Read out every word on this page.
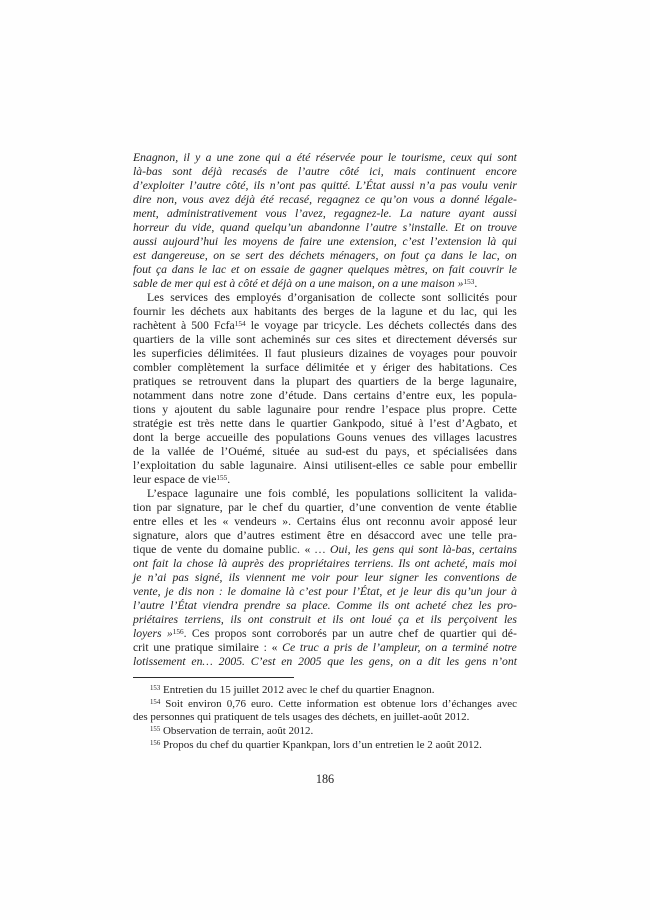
Enagnon, il y a une zone qui a été réservée pour le tourisme, ceux qui sont
là-bas sont déjà recasés de l’autre côté ici, mais continuent encore
d’exploiter l’autre côté, ils n’ont pas quitté. L’État aussi n’a pas voulu venir
dire non, vous avez déjà été recasé, regagnez ce qu’on vous a donné légale-
ment, administrativement vous l’avez, regagnez-le. La nature ayant aussi
horreur du vide, quand quelqu’un abandonne l’autre s’installe. Et on trouve
aussi aujourd’hui les moyens de faire une extension, c’est l’extension là qui
est dangereuse, on se sert des déchets ménagers, on fout ça dans le lac, on
fout ça dans le lac et on essaie de gagner quelques mètres, on fait couvrir le
sable de mer qui est à côté et déjà on a une maison, on a une maison »$^{153}$.
Les services des employés d’organisation de collecte sont sollicités pour
fournir les déchets aux habitants des berges de la lagune et du lac, qui les
rachètent à 500 Fcfa$^{154}$ le voyage par tricycle. Les déchets collectés dans des
quartiers de la ville sont acheminés sur ces sites et directement déversés sur
les superficies délimitées. Il faut plusieurs dizaines de voyages pour pouvoir
combler complètement la surface délimitée et y ériger des habitations. Ces
pratiques se retrouvent dans la plupart des quartiers de la berge lagunaire,
notamment dans notre zone d’étude. Dans certains d’entre eux, les popula-
tions y ajoutent du sable lagunaire pour rendre l’espace plus propre. Cette
stratégie est très nette dans le quartier Gankpodo, situé à l’est d’Agbato, et
dont la berge accueille des populations Gouns venues des villages lacustres
de la vallée de l’Ouémé, située au sud-est du pays, et spécialisées dans
l’exploitation du sable lagunaire. Ainsi utilisent-elles ce sable pour embellir
leur espace de vie$^{155}$.
L’espace lagunaire une fois comblé, les populations sollicitent la valida-
tion par signature, par le chef du quartier, d’une convention de vente établie
entre elles et les « vendeurs ». Certains élus ont reconnu avoir apposé leur
signature, alors que d’autres estiment être en désaccord avec une telle pra-
tique de vente du domaine public. « … Oui, les gens qui sont là-bas, certains
ont fait la chose là auprès des propriétaires terriens. Ils ont acheté, mais moi
je n’ai pas signé, ils viennent me voir pour leur signer les conventions de
vente, je dis non : le domaine là c’est pour l’État, et je leur dis qu’un jour à
l’autre l’État viendra prendre sa place. Comme ils ont acheté chez les pro-
priétaires terriens, ils ont construit et ils ont loué ça et ils perçoivent les
loyers »$^{156}$. Ces propos sont corroborés par un autre chef de quartier qui dé-
crit une pratique similaire : « Ce truc a pris de l’ampleur, on a terminé notre
lotissement en… 2005. C’est en 2005 que les gens, on a dit les gens n’ont
$^{153}$ Entretien du 15 juillet 2012 avec le chef du quartier Enagnon.
$^{154}$ Soit environ 0,76 euro. Cette information est obtenue lors d’échanges avec
des personnes qui pratiquent de tels usages des déchets, en juillet-août 2012.
$^{155}$ Observation de terrain, août 2012.
$^{156}$ Propos du chef du quartier Kpankpan, lors d’un entretien le 2 août 2012.
186
